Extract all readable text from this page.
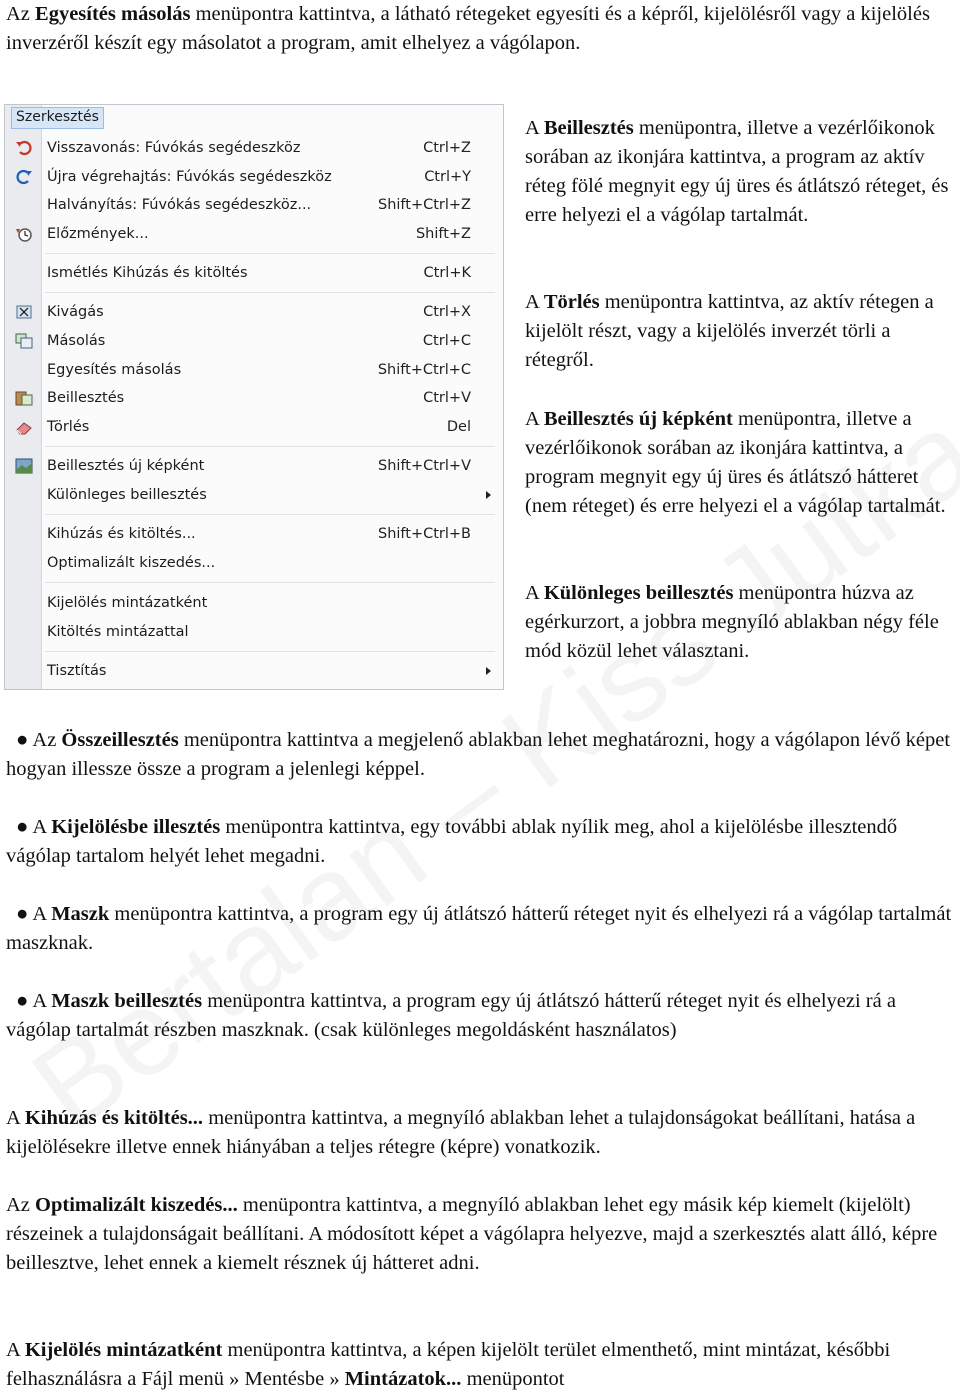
Az Egyesítés másolás menüpontra kattintva, a látható rétegeket egyesíti és a képről, kijelölésről vagy a kijelölés inverzéről készít egy másolatot a program, amit elhelyez a vágólapon.

Szerkesztés
Visszavonás: Fúvókás segédeszköz	Ctrl+Z
Újra végrehajtás: Fúvókás segédeszköz	Ctrl+Y
Halványítás: Fúvókás segédeszköz...	Shift+Ctrl+Z
Előzmények...	Shift+Z
Ismétlés Kihúzás és kitöltés	Ctrl+K
Kivágás	Ctrl+X
Másolás	Ctrl+C
Egyesítés másolás	Shift+Ctrl+C
Beillesztés	Ctrl+V
Törlés	Del
Beillesztés új képként	Shift+Ctrl+V
Különleges beillesztés
Kihúzás és kitöltés...	Shift+Ctrl+B
Optimalizált kiszedés...
Kijelölés mintázatként
Kitöltés mintázattal
Tisztítás

A Beillesztés menüpontra, illetve a vezérlőikonok sorában az ikonjára kattintva, a program az aktív réteg fölé megnyit egy új üres és átlátszó réteget, és erre helyezi el a vágólap tartalmát.

A Törlés menüpontra kattintva, az aktív rétegen a kijelölt részt, vagy a kijelölés inverzét törli a rétegről.

A Beillesztés új képként menüpontra, illetve a vezérlőikonok sorában az ikonjára kattintva, a program megnyit egy új üres és átlátszó hátteret (nem réteget) és erre helyezi el a vágólap tartalmát.

A Különleges beillesztés menüpontra húzva az egérkurzort, a jobbra megnyíló ablakban négy féle mód közül lehet választani.

● Az Összeillesztés menüpontra kattintva a megjelenő ablakban lehet meghatározni, hogy a vágólapon lévő képet hogyan illessze össze a program a jelenlegi képpel.

● A Kijelölésbe illesztés menüpontra kattintva, egy további ablak nyílik meg, ahol a kijelölésbe illesztendő vágólap tartalom helyét lehet megadni.

● A Maszk menüpontra kattintva, a program egy új átlátszó hátterű réteget nyit és elhelyezi rá a vágólap tartalmát maszknak.

● A Maszk beillesztés menüpontra kattintva, a program egy új átlátszó hátterű réteget nyit és elhelyezi rá a vágólap tartalmát részben maszknak. (csak különleges megoldásként használatos)

A Kihúzás és kitöltés... menüpontra kattintva, a megnyíló ablakban lehet a tulajdonságokat beállítani, hatása a kijelölésekre illetve ennek hiányában a teljes rétegre (képre) vonatkozik.

Az Optimalizált kiszedés... menüpontra kattintva, a megnyíló ablakban lehet egy másik kép kiemelt (kijelölt) részeinek a tulajdonságait beállítani. A módosított képet a vágólapra helyezve, majd a szerkesztés alatt álló, képre beillesztve, lehet ennek a kiemelt résznek új hátteret adni.

A Kijelölés mintázatként menüpontra kattintva, a képen kijelölt terület elmenthető, mint mintázat, későbbi felhasználásra a Fájl menü » Mentésbe » Mintázatok... menüpontot
